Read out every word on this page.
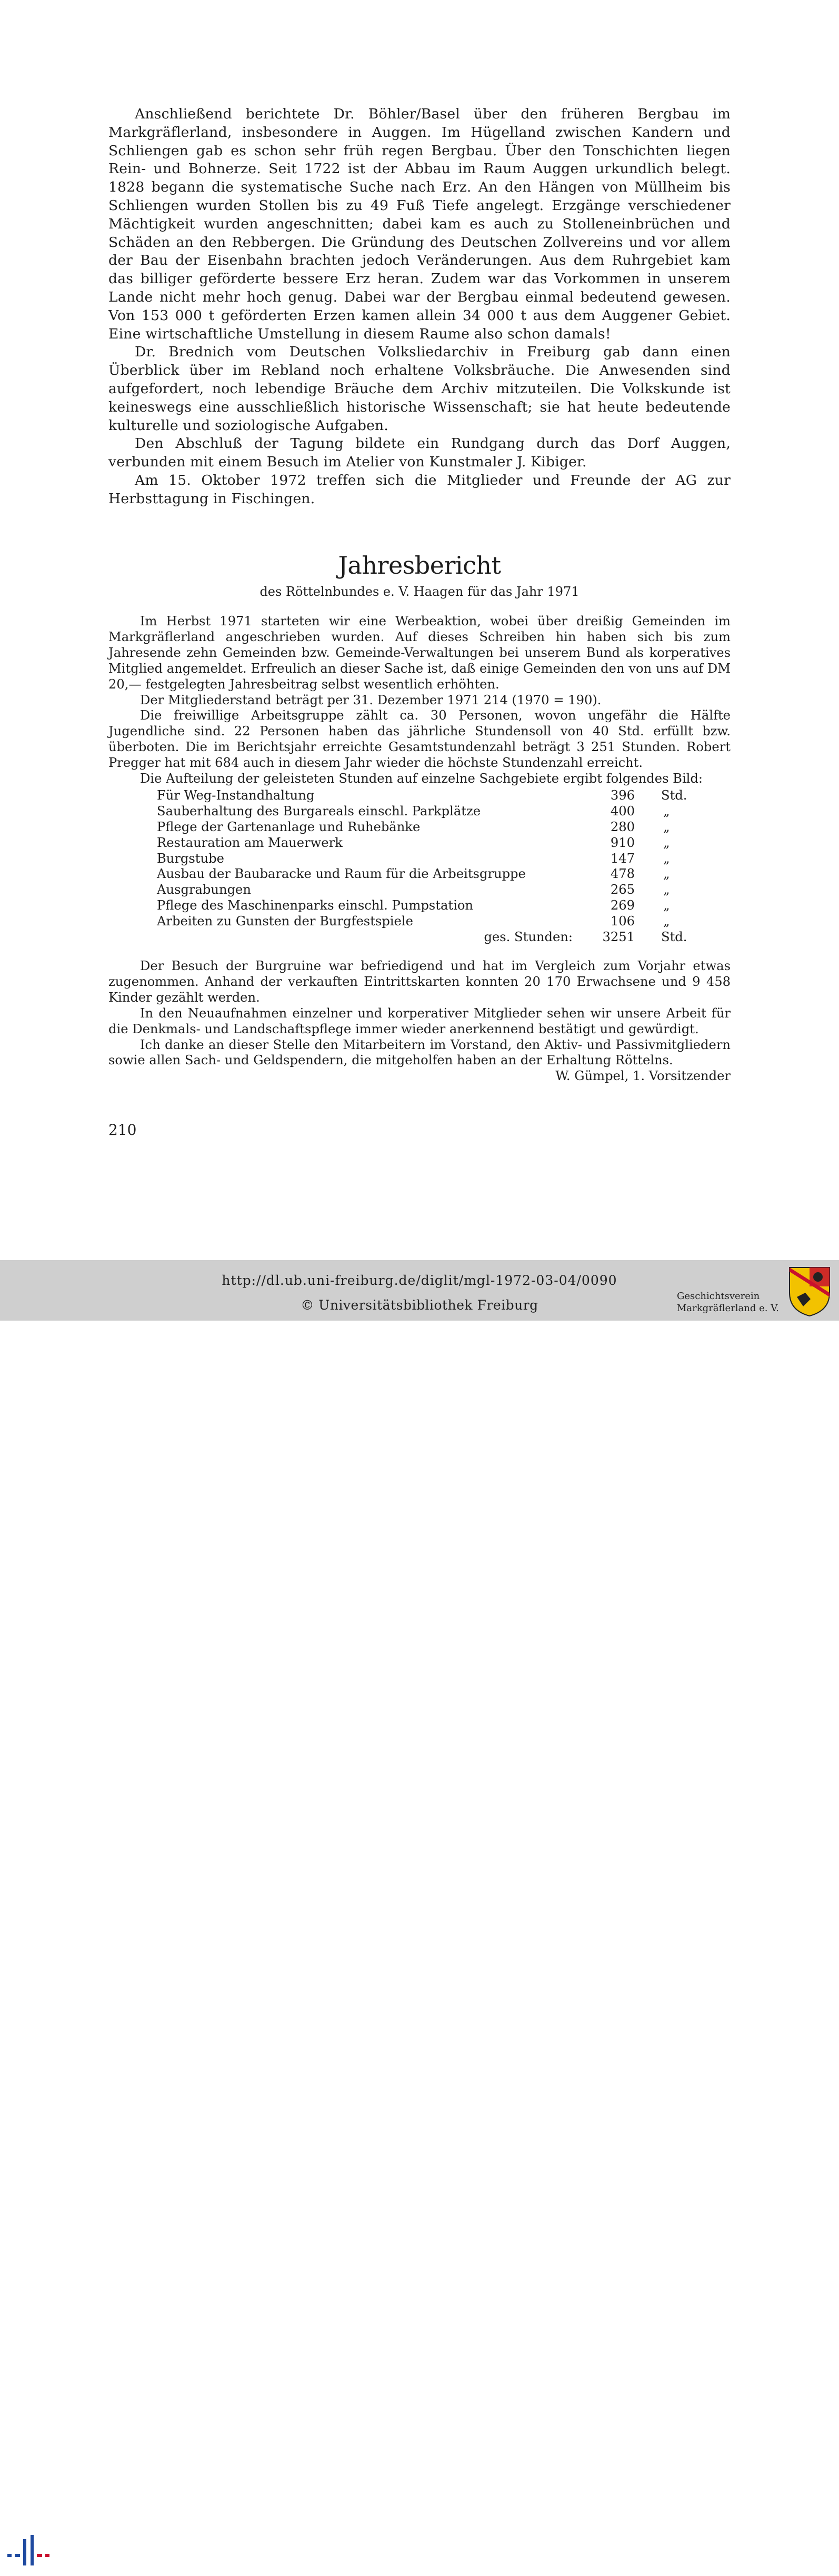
Anschließend berichtete Dr. Böhler/Basel über den früheren Bergbau im Markgräflerland, insbesondere in Auggen. Im Hügelland zwischen Kandern und Schliengen gab es schon sehr früh regen Bergbau. Über den Tonschichten liegen Rein- und Bohnerze. Seit 1722 ist der Abbau im Raum Auggen urkundlich belegt. 1828 begann die systematische Suche nach Erz. An den Hängen von Müllheim bis Schliengen wurden Stollen bis zu 49 Fuß Tiefe angelegt. Erzgänge verschiedener Mächtigkeit wurden angeschnitten; dabei kam es auch zu Stolleneinbrüchen und Schäden an den Rebbergen. Die Gründung des Deutschen Zollvereins und vor allem der Bau der Eisenbahn brachten jedoch Veränderungen. Aus dem Ruhrgebiet kam das billiger geförderte bessere Erz heran. Zudem war das Vorkommen in unserem Lande nicht mehr hoch genug. Dabei war der Bergbau einmal bedeutend gewesen. Von 153 000 t geförderten Erzen kamen allein 34 000 t aus dem Auggener Gebiet. Eine wirtschaftliche Umstellung in diesem Raume also schon damals!

Dr. Brednich vom Deutschen Volksliedarchiv in Freiburg gab dann einen Überblick über im Rebland noch erhaltene Volksbräuche. Die Anwesenden sind aufgefordert, noch lebendige Bräuche dem Archiv mitzuteilen. Die Volkskunde ist keineswegs eine ausschließlich historische Wissenschaft; sie hat heute bedeutende kulturelle und soziologische Aufgaben.

Den Abschluß der Tagung bildete ein Rundgang durch das Dorf Auggen, verbunden mit einem Besuch im Atelier von Kunstmaler J. Kibiger.

Am 15. Oktober 1972 treffen sich die Mitglieder und Freunde der AG zur Herbsttagung in Fischingen.

Jahresbericht
des Röttelnbundes e. V. Haagen für das Jahr 1971

Im Herbst 1971 starteten wir eine Werbeaktion, wobei über dreißig Gemeinden im Markgräflerland angeschrieben wurden. Auf dieses Schreiben hin haben sich bis zum Jahresende zehn Gemeinden bzw. Gemeinde-Verwaltungen bei unserem Bund als korperatives Mitglied angemeldet. Erfreulich an dieser Sache ist, daß einige Gemeinden den von uns auf DM 20,— festgelegten Jahresbeitrag selbst wesentlich erhöhten.

Der Mitgliederstand beträgt per 31. Dezember 1971 214 (1970 = 190).

Die freiwillige Arbeitsgruppe zählt ca. 30 Personen, wovon ungefähr die Hälfte Jugendliche sind. 22 Personen haben das jährliche Stundensoll von 40 Std. erfüllt bzw. überboten. Die im Berichtsjahr erreichte Gesamtstundenzahl beträgt 3 251 Stunden. Robert Pregger hat mit 684 auch in diesem Jahr wieder die höchste Stundenzahl erreicht.

Die Aufteilung der geleisteten Stunden auf einzelne Sachgebiete ergibt folgendes Bild:

Für Weg-Instandhaltung	396 Std.
Sauberhaltung des Burgareals einschl. Parkplätze	400 „
Pflege der Gartenanlage und Ruhebänke	280 „
Restauration am Mauerwerk	910 „
Burgstube	147 „
Ausbau der Baubaracke und Raum für die Arbeitsgruppe	478 „
Ausgrabungen	265 „
Pflege des Maschinenparks einschl. Pumpstation	269 „
Arbeiten zu Gunsten der Burgfestspiele	106 „
ges. Stunden: 3251 Std.

Der Besuch der Burgruine war befriedigend und hat im Vergleich zum Vorjahr etwas zugenommen. Anhand der verkauften Eintrittskarten konnten 20 170 Erwachsene und 9 458 Kinder gezählt werden.

In den Neuaufnahmen einzelner und korperativer Mitglieder sehen wir unsere Arbeit für die Denkmals- und Landschaftspflege immer wieder anerkennend bestätigt und gewürdigt.

Ich danke an dieser Stelle den Mitarbeitern im Vorstand, den Aktiv- und Passivmitgliedern sowie allen Sach- und Geldspendern, die mitgeholfen haben an der Erhaltung Röttelns.
W. Gümpel, 1. Vorsitzender

210
http://dl.ub.uni-freiburg.de/diglit/mgl-1972-03-04/0090
© Universitätsbibliothek Freiburg
Geschichtsverein
Markgräflerland e. V.
